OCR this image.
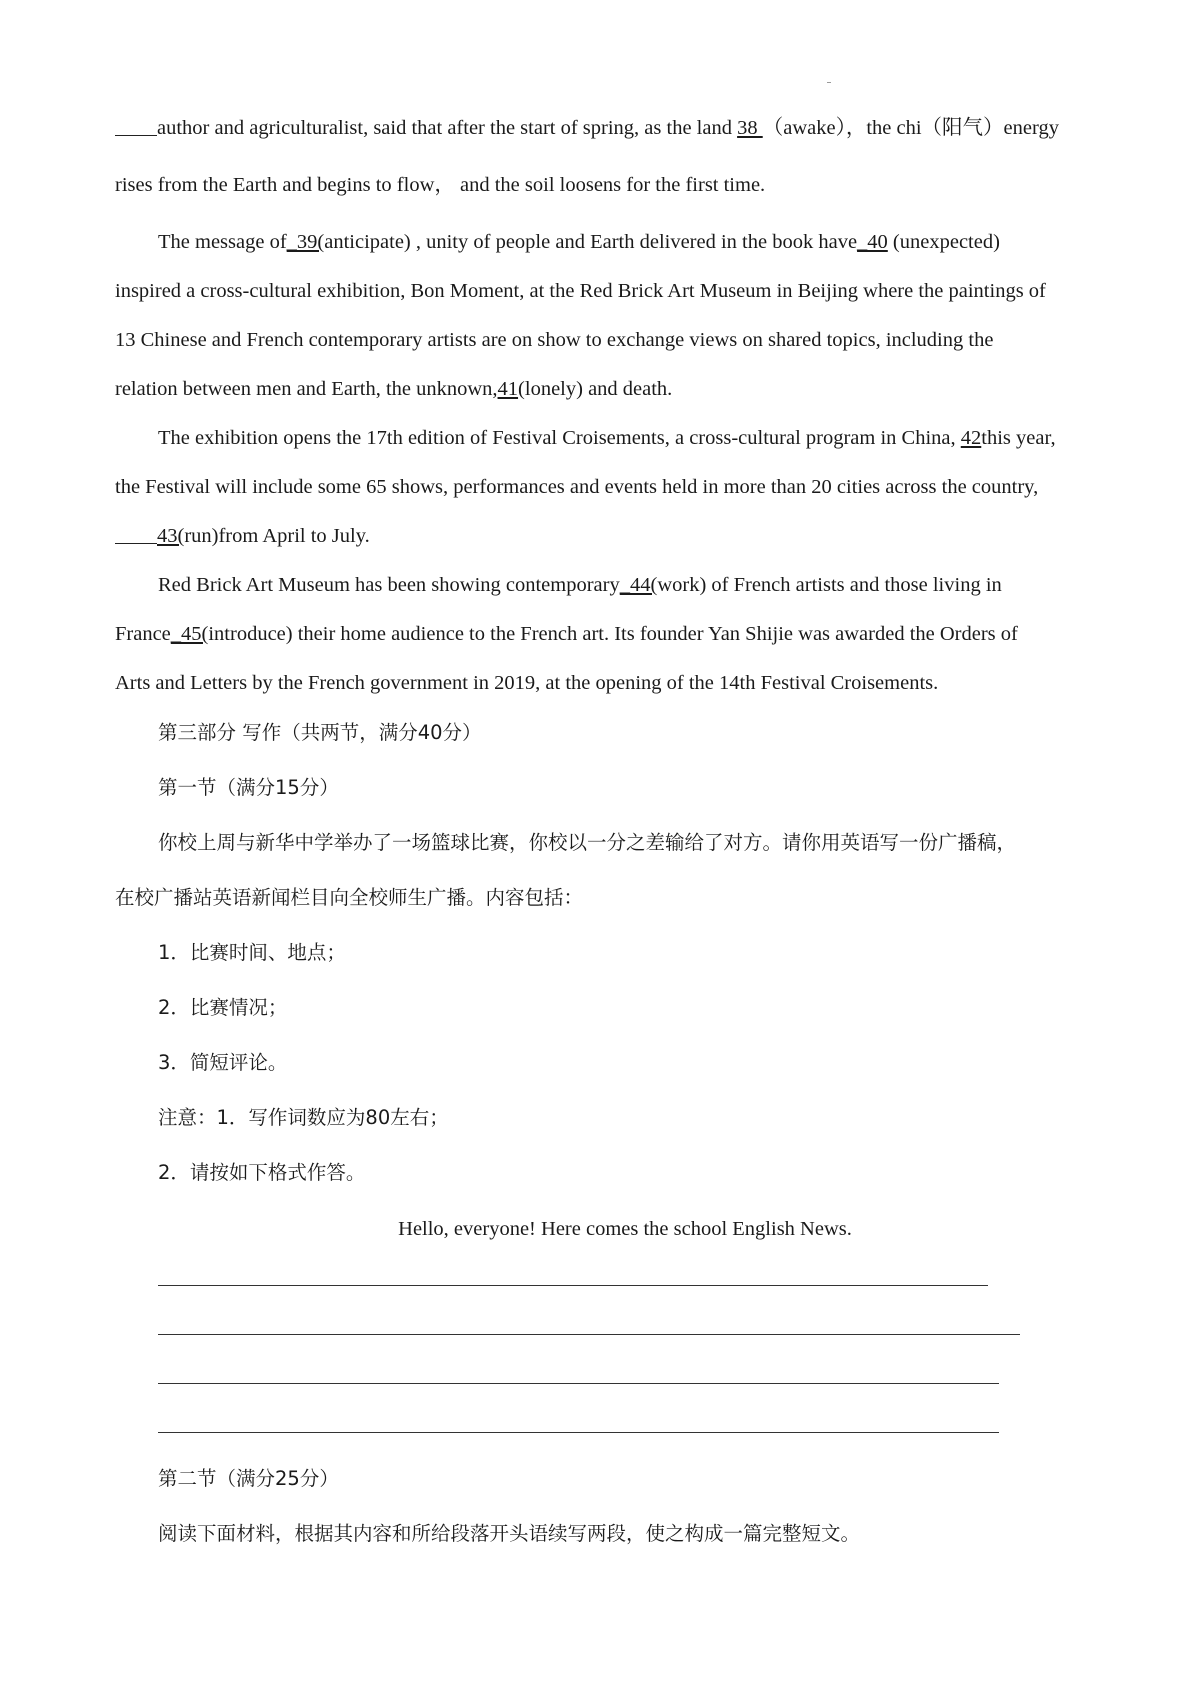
author and agriculturalist, said that after the start of spring, as the land 38 （awake），the chi（阳气）energy
rises from the Earth and begins to flow， and the soil loosens for the first time.
The message of_39(anticipate) , unity of people and Earth delivered in the book have_40 (unexpected)
inspired a cross-cultural exhibition, Bon Moment, at the Red Brick Art Museum in Beijing where the paintings of
13 Chinese and French contemporary artists are on show to exchange views on shared topics, including the
relation between men and Earth, the unknown,41(lonely) and death.
The exhibition opens the 17th edition of Festival Croisements, a cross-cultural program in China, 42this year,
the Festival will include some 65 shows, performances and events held in more than 20 cities across the country,
43(run)from April to July.
Red Brick Art Museum has been showing contemporary_44(work) of French artists and those living in
France_45(introduce) their home audience to the French art. Its founder Yan Shijie was awarded the Orders of
Arts and Letters by the French government in 2019, at the opening of the 14th Festival Croisements.
第三部分 写作（共两节，满分40分）
第一节（满分15分）
你校上周与新华中学举办了一场篮球比赛，你校以一分之差输给了对方。请你用英语写一份广播稿，
在校广播站英语新闻栏目向全校师生广播。内容包括：
1．比赛时间、地点；
2．比赛情况；
3．简短评论。
注意：1．写作词数应为80左右；
2．请按如下格式作答。
Hello, everyone! Here comes the school English News.
第二节（满分25分）
阅读下面材料，根据其内容和所给段落开头语续写两段，使之构成一篇完整短文。
